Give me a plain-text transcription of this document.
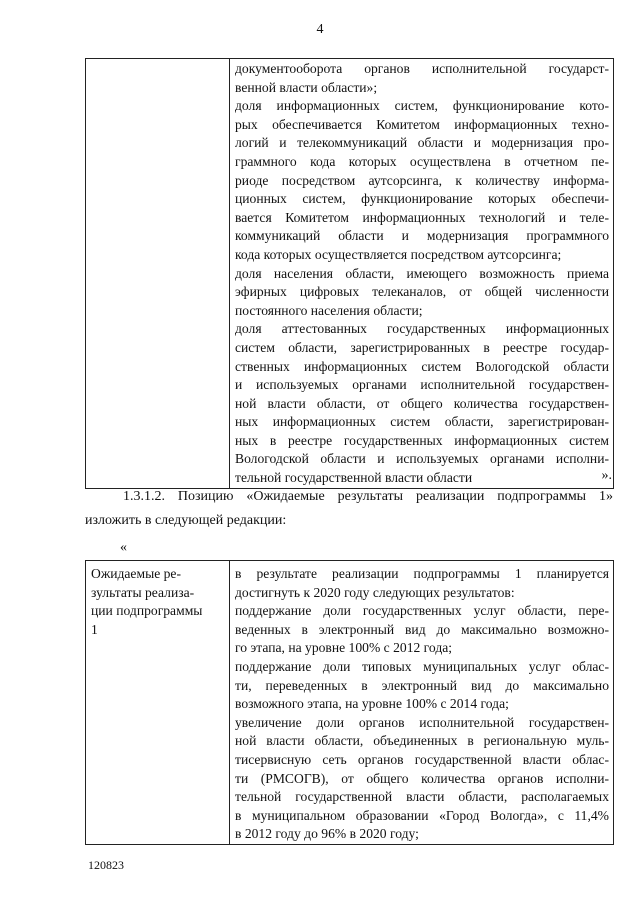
4

документооборота органов исполнительной государст-
венной власти области»;
доля информационных систем, функционирование кото-
рых обеспечивается Комитетом информационных техно-
логий и телекоммуникаций области и модернизация про-
граммного кода которых осуществлена в отчетном пе-
риоде посредством аутсорсинга, к количеству информа-
ционных систем, функционирование которых обеспечи-
вается Комитетом информационных технологий и теле-
коммуникаций области и модернизация программного
кода которых осуществляется посредством аутсорсинга;
доля населения области, имеющего возможность приема
эфирных цифровых телеканалов, от общей численности
постоянного населения области;
доля аттестованных государственных информационных
систем области, зарегистрированных в реестре государ-
ственных информационных систем Вологодской области
и используемых органами исполнительной государствен-
ной власти области, от общего количества государствен-
ных информационных систем области, зарегистрирован-
ных в реестре государственных информационных систем
Вологодской области и используемых органами исполни-
тельной государственной власти области	».
1.3.1.2. Позицию «Ожидаемые результаты реализации подпрограммы 1»
изложить в следующей редакции:
«
Ожидаемые ре-
зультаты реализа-
ции подпрограммы
1

в результате реализации подпрограммы 1 планируется
достигнуть к 2020 году следующих результатов:
поддержание доли государственных услуг области, пере-
веденных в электронный вид до максимально возможно-
го этапа, на уровне 100% с 2012 года;
поддержание доли типовых муниципальных услуг облас-
ти, переведенных в электронный вид до максимально
возможного этапа, на уровне 100% с 2014 года;
увеличение доли органов исполнительной государствен-
ной власти области, объединенных в региональную муль-
тисервисную сеть органов государственной власти облас-
ти (РМСОГВ), от общего количества органов исполни-
тельной государственной власти области, располагаемых
в муниципальном образовании «Город Вологда», с 11,4%
в 2012 году до 96% в 2020 году;
120823
